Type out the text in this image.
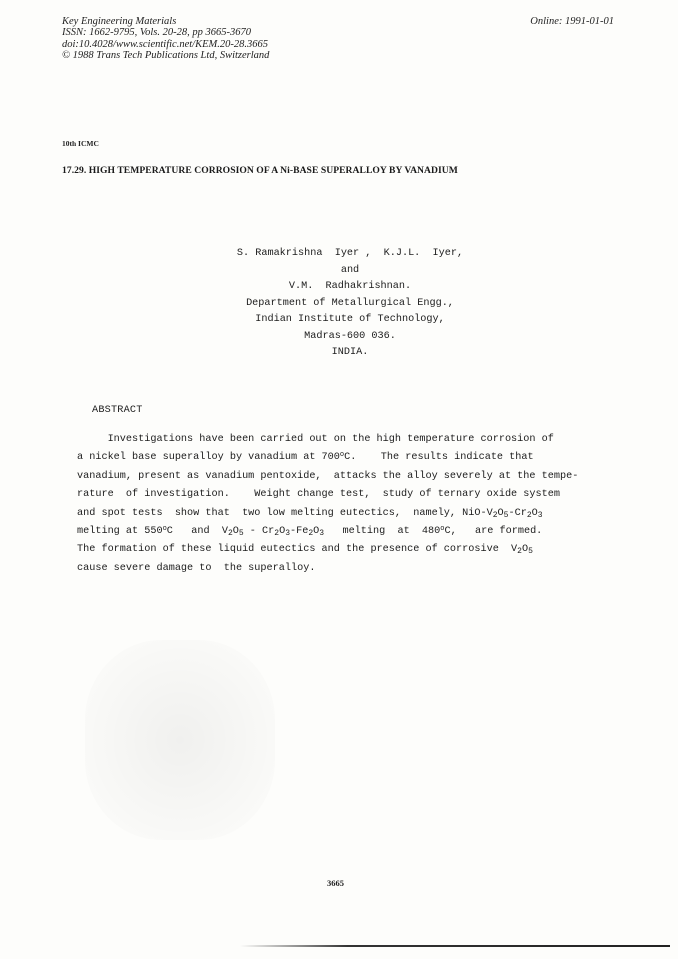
Key Engineering Materials
ISSN: 1662-9795, Vols. 20-28, pp 3665-3670
doi:10.4028/www.scientific.net/KEM.20-28.3665
© 1988 Trans Tech Publications Ltd, Switzerland
Online: 1991-01-01
10th ICMC
17.29. HIGH TEMPERATURE CORROSION OF A Ni-BASE SUPERALLOY BY VANADIUM
S. Ramakrishna  Iyer ,  K.J.L.  Iyer,
and
V.M.  Radhakrishnan.
Department of Metallurgical Engg.,
Indian Institute of Technology,
Madras-600 036.
INDIA.
ABSTRACT
Investigations have been carried out on the high temperature corrosion of
a nickel base superalloy by vanadium at 700$^o$C.    The results indicate that
vanadium, present as vanadium pentoxide,  attacks the alloy severely at the tempe-
rature  of investigation.    Weight change test,  study of ternary oxide system
and spot tests  show that  two low melting eutectics,  namely, NiO-$V_2O_5-Cr_2O_3$
melting at 550$^o$C   and  $V_2O_5 - Cr_2O_3-Fe_2O_3$   melting  at  480$^o$C,   are formed.
The formation of these liquid eutectics and the presence of corrosive  $V_2O_5$
cause severe damage to  the superalloy.
3665
